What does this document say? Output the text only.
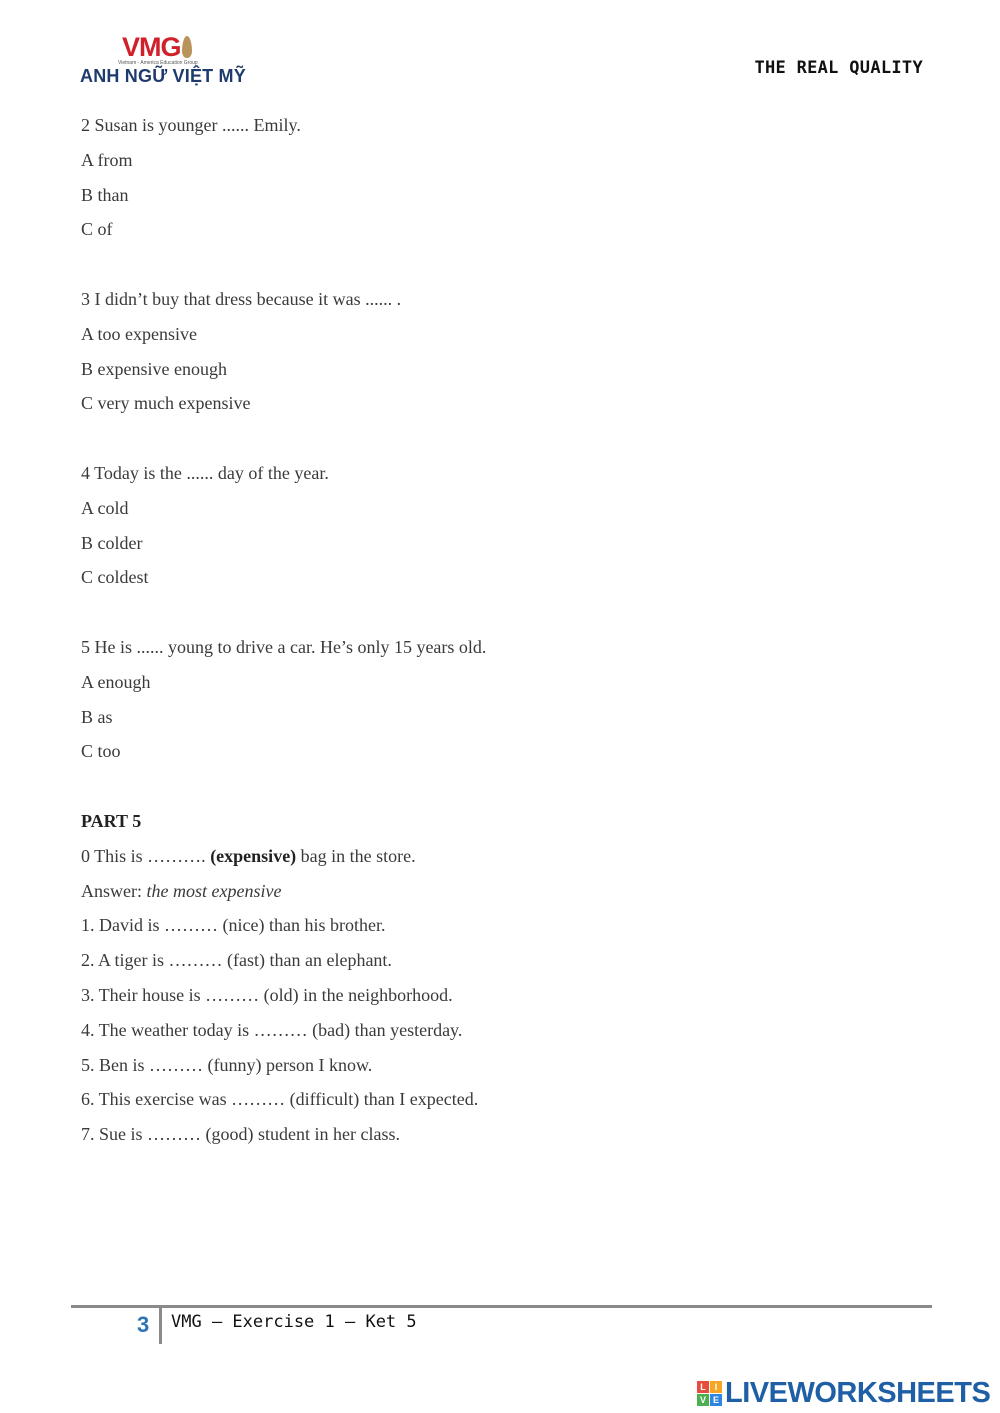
VMG
Vietnam - America Education Group
ANH NGỮ VIỆT MỸ	THE REAL QUALITY
2 Susan is younger ...... Emily.
A from
B than
C of
3 I didn’t buy that dress because it was ...... .
A too expensive
B expensive enough
C very much expensive
4 Today is the ...... day of the year.
A cold
B colder
C coldest
5 He is ...... young to drive a car. He’s only 15 years old.
A enough
B as
C too
PART 5
0 This is ………. (expensive) bag in the store.
Answer: the most expensive
1. David is ……… (nice) than his brother.
2. A tiger is ……… (fast) than an elephant.
3. Their house is ……… (old) in the neighborhood.
4. The weather today is ……… (bad) than yesterday.
5. Ben is ……… (funny) person I know.
6. This exercise was ……… (difficult) than I expected.
7. Sue is ……… (good) student in her class.
3 VMG – Exercise 1 – Ket 5
L I
V E LIVEWORKSHEETS
